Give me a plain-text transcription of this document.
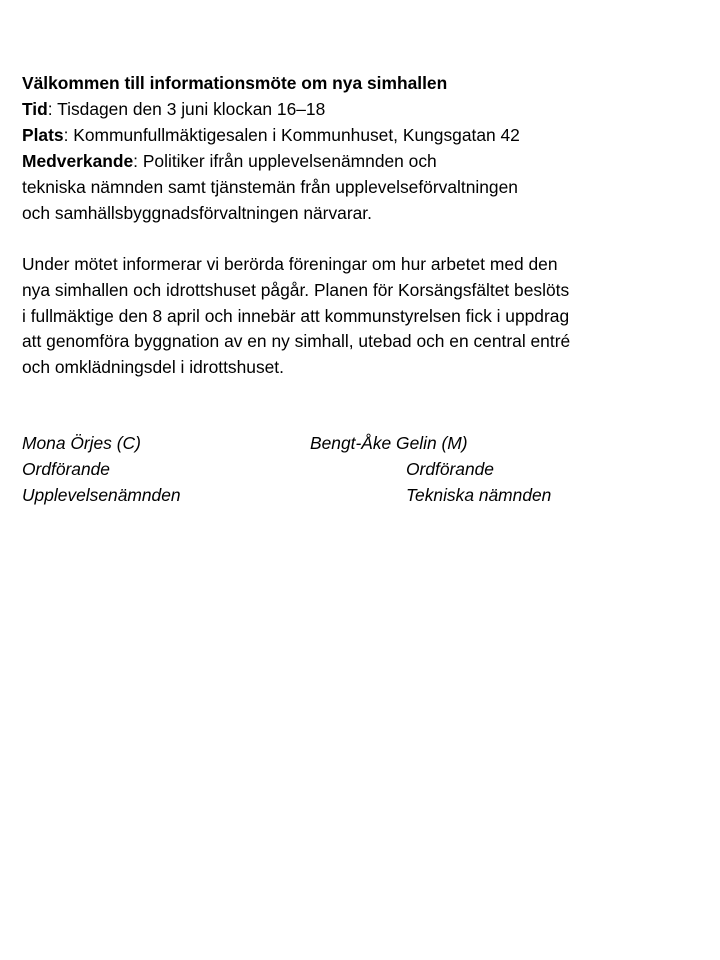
Välkommen till informationsmöte om nya simhallen
Tid: Tisdagen den 3 juni klockan 16–18
Plats: Kommunfullmäktigesalen i Kommunhuset, Kungsgatan 42
Medverkande: Politiker ifrån upplevelsenämnden och
tekniska nämnden samt tjänstemän från upplevelseförvaltningen
och samhällsbyggnadsförvaltningen närvarar.
Under mötet informerar vi berörda föreningar om hur arbetet med den
nya simhallen och idrottshuset pågår. Planen för Korsängsfältet beslöts
i fullmäktige den 8 april och innebär att kommunstyrelsen fick i uppdrag
att genomföra byggnation av en ny simhall, utebad och en central entré
och omklädningsdel i idrottshuset.
Mona Örjes (C)
Ordförande
Upplevelsenämnden
Bengt-Åke Gelin (M)
Ordförande
Tekniska nämnden
